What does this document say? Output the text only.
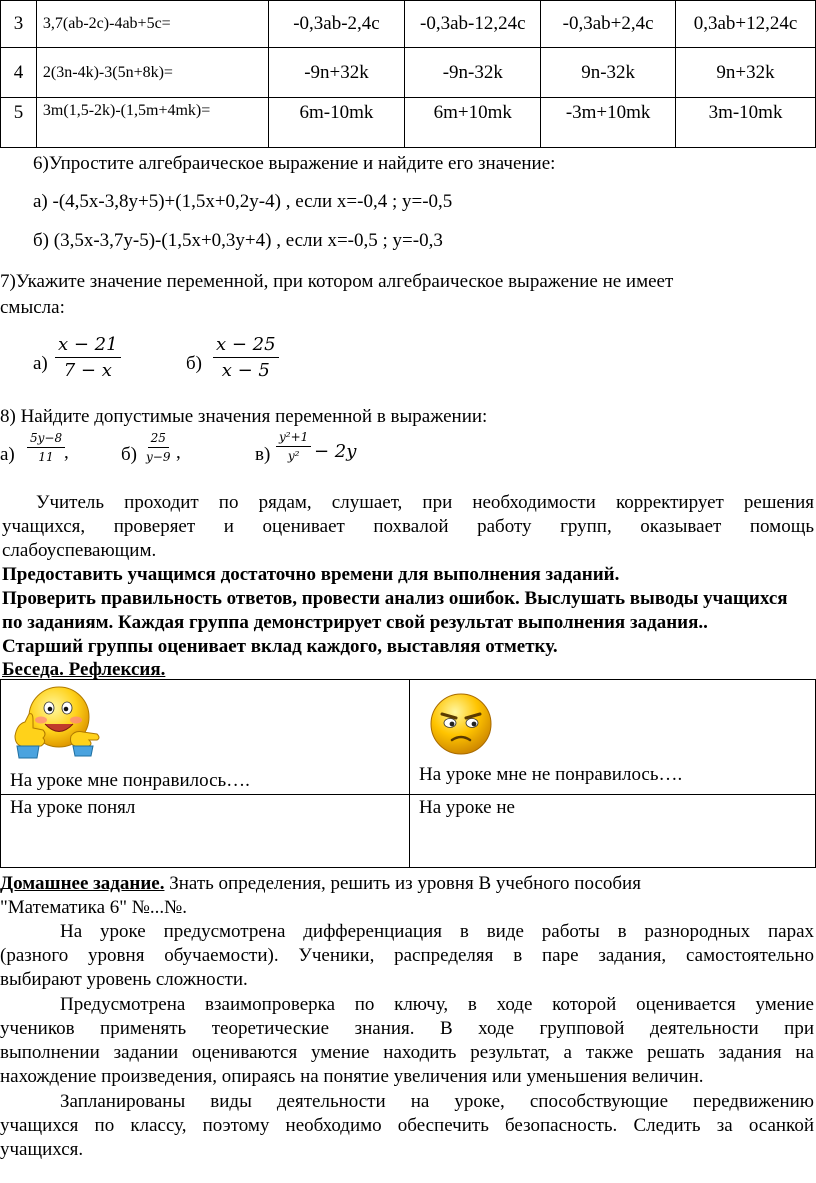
3	3,7(ab-2c)-4ab+5c=	-0,3ab-2,4c	-0,3ab-12,24c	-0,3ab+2,4c	0,3ab+12,24c
4	2(3n-4k)-3(5n+8k)=	-9n+32k	-9n-32k	9n-32k	9n+32k
5	3m(1,5-2k)-(1,5m+4mk)=	6m-10mk	6m+10mk	-3m+10mk	3m-10mk
6)Упростите алгебраическое выражение и найдите его значение:
а) -(4,5х-3,8у+5)+(1,5х+0,2у-4) , если х=-0,4 ; у=-0,5
б) (3,5х-3,7у-5)-(1,5х+0,3у+4) , если х=-0,5 ; у=-0,3
7)Укажите значение переменной, при котором алгебраическое выражение не имеет
смысла:
$а) \frac{x - 21}{7 - x}$	$б) \frac{x - 25}{x - 5}$
8) Найдите допустимые значения переменной в выражении:
$а) \frac{5y-8}{11}$
,	$б) \frac{25}{y-9}$ ,	$в) \frac{\text{y²+1}}{\text{y²}} - 2y$
Учитель проходит по рядам, слушает, при необходимости корректирует решения
учащихся, проверяет и оценивает похвалой работу групп, оказывает помощь
слабоуспевающим.
Предоставить учащимся достаточно времени для выполнения заданий.
Проверить правильность ответов, провести анализ ошибок. Выслушать выводы учащихся
по заданиям. Каждая группа демонстрирует свой результат выполнения задания..
Старший группы оценивает вклад каждого, выставляя отметку.
Беседа. Рефлексия.
На уроке мне понравилось….	На уроке мне не понравилось….

На уроке понял	На уроке не
Домашнее задание. Знать определения, решить из уровня В учебного пособия
"Математика 6" №...№.
На уроке предусмотрена дифференциация в виде работы в разнородных парах
(разного уровня обучаемости). Ученики, распределяя в паре задания, самостоятельно
выбирают уровень сложности.
Предусмотрена взаимопроверка по ключу, в ходе которой оценивается умение
учеников применять теоретические знания. В ходе групповой деятельности при
выполнении задании оцениваются умение находить результат, а также решать задания на
нахождение произведения, опираясь на понятие увеличения или уменьшения величин.
Запланированы виды деятельности на уроке, способствующие передвижению
учащихся по классу, поэтому необходимо обеспечить безопасность. Следить за осанкой
учащихся.
